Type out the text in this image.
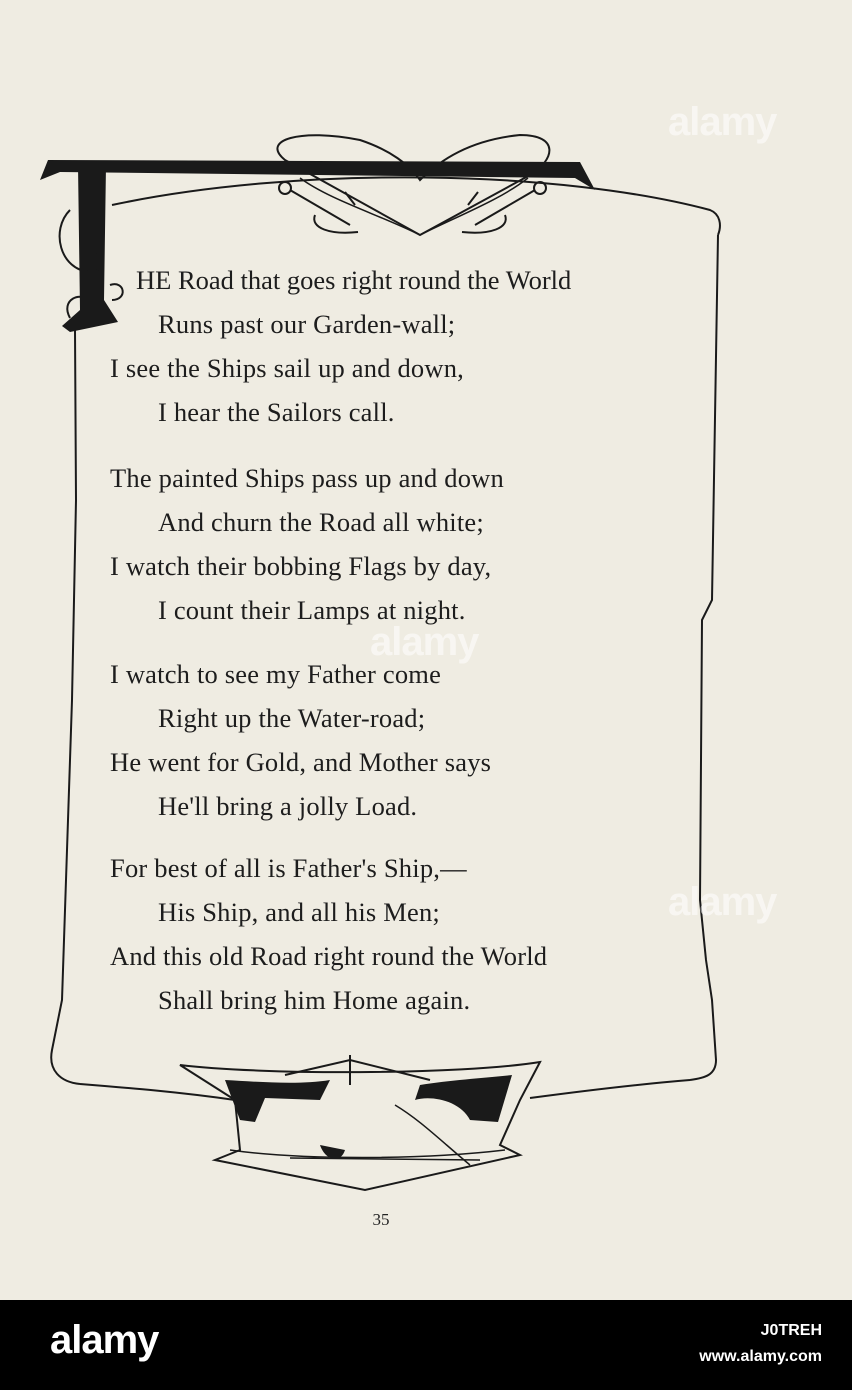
HE Road that goes right round the World
Runs past our Garden-wall;
I see the Ships sail up and down,
I hear the Sailors call.
The painted Ships pass up and down
And churn the Road all white;
I watch their bobbing Flags by day,
I count their Lamps at night.
I watch to see my Father come
Right up the Water-road;
He went for Gold, and Mother says
He'll bring a jolly Load.
For best of all is Father's Ship,—
His Ship, and all his Men;
And this old Road right round the World
Shall bring him Home again.
35
alamy
alamy
alamy
alamy	J0TREH
www.alamy.com
